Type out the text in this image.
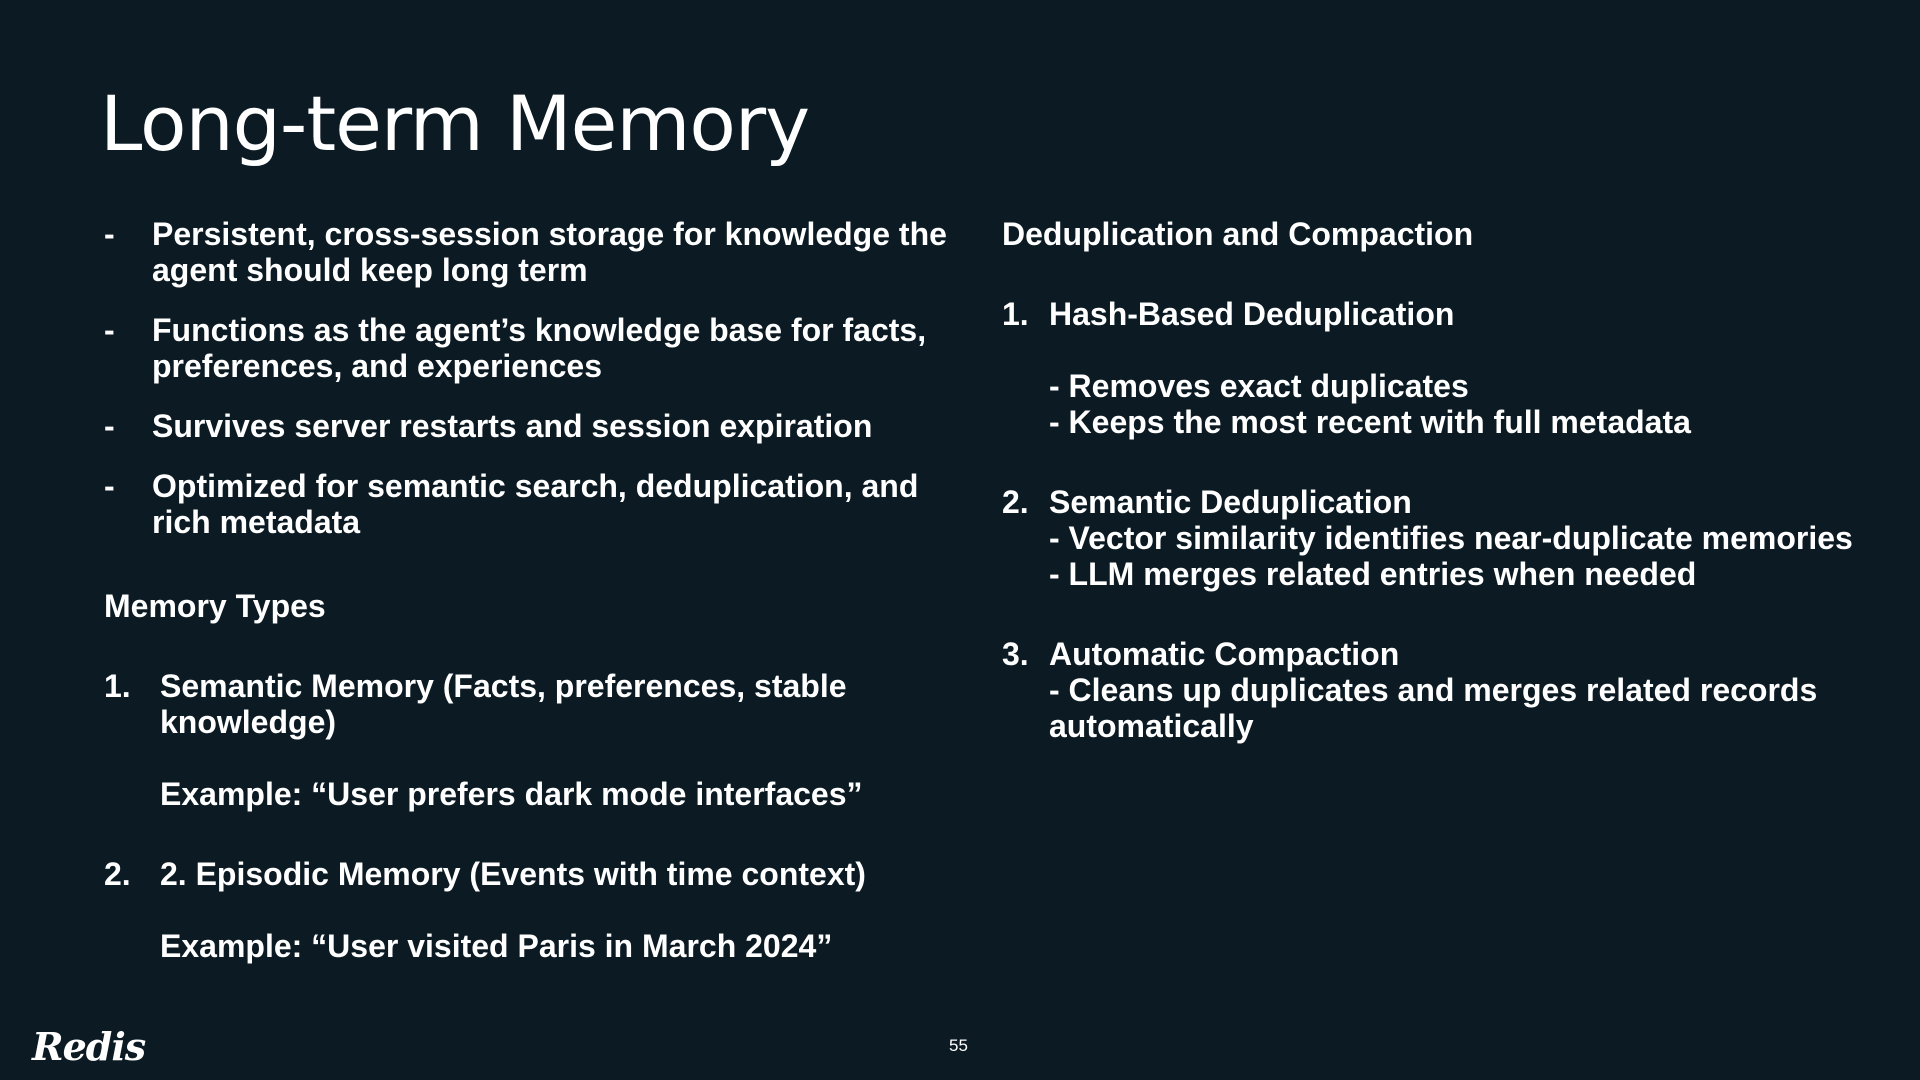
Long-term Memory
- Persistent, cross-session storage for knowledge the agent should keep long term
- Functions as the agent’s knowledge base for facts, preferences, and experiences
- Survives server restarts and session expiration
- Optimized for semantic search, deduplication, and rich metadata
Memory Types
1. Semantic Memory (Facts, preferences, stable knowledge)
Example: “User prefers dark mode interfaces”
2. 2. Episodic Memory (Events with time context)
Example: “User visited Paris in March 2024”
Deduplication and Compaction
1. Hash-Based Deduplication
- Removes exact duplicates
- Keeps the most recent with full metadata
2. Semantic Deduplication
- Vector similarity identifies near-duplicate memories
- LLM merges related entries when needed
3. Automatic Compaction
- Cleans up duplicates and merges related records automatically
Redis	55
